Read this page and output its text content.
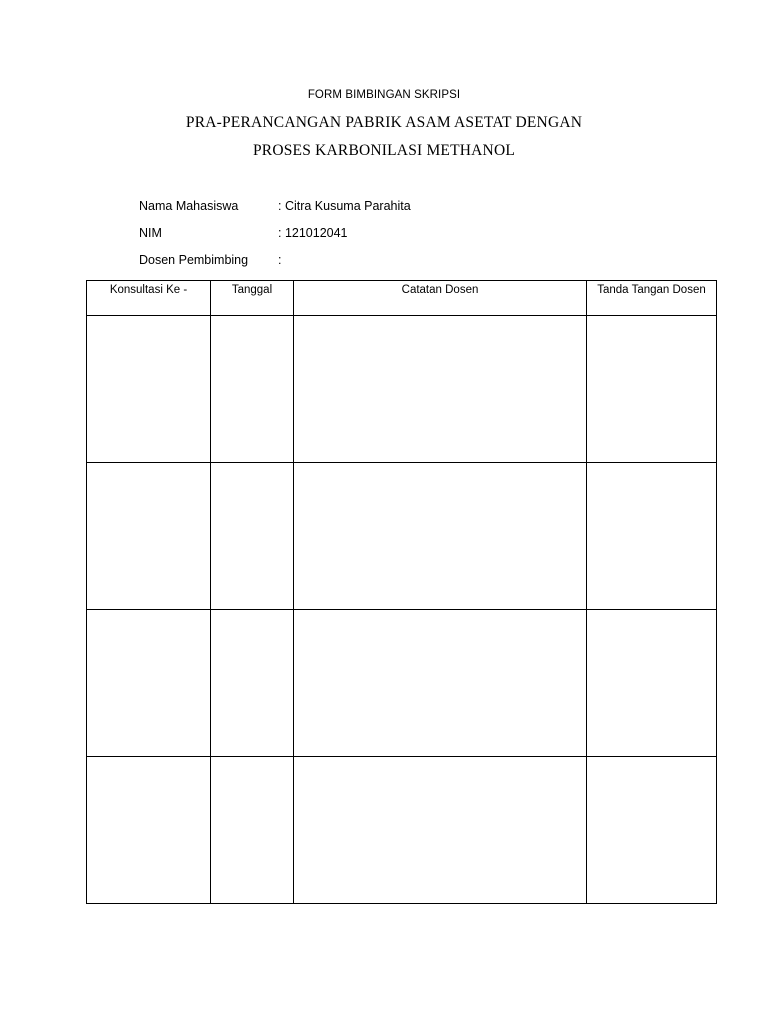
FORM BIMBINGAN SKRIPSI
PRA-PERANCANGAN PABRIK ASAM ASETAT DENGAN
PROSES KARBONILASI METHANOL
Nama Mahasiswa	: Citra Kusuma Parahita
NIM	: 121012041
Dosen Pembimbing :
Konsultasi Ke -	Tanggal	Catatan Dosen	Tanda Tangan Dosen
